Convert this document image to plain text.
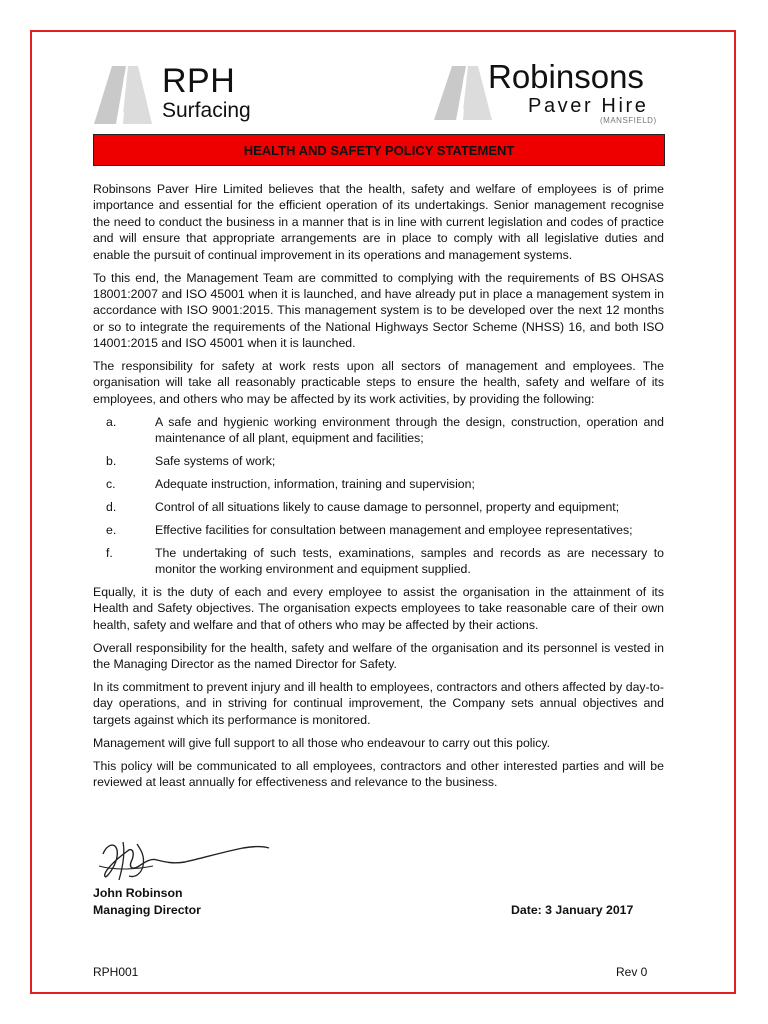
RPH
Surfacing
Robinsons
Paver Hire
(MANSFIELD)
HEALTH AND SAFETY POLICY STATEMENT

Robinsons Paver Hire Limited believes that the health, safety and welfare of employees is of prime importance and essential for the efficient operation of its undertakings. Senior management recognise the need to conduct the business in a manner that is in line with current legislation and codes of practice and will ensure that appropriate arrangements are in place to comply with all legislative duties and enable the pursuit of continual improvement in its operations and management systems.

To this end, the Management Team are committed to complying with the requirements of BS OHSAS 18001:2007 and ISO 45001 when it is launched, and have already put in place a management system in accordance with ISO 9001:2015. This management system is to be developed over the next 12 months or so to integrate the requirements of the National Highways Sector Scheme (NHSS) 16, and both ISO 14001:2015 and ISO 45001 when it is launched.

The responsibility for safety at work rests upon all sectors of management and employees. The organisation will take all reasonably practicable steps to ensure the health, safety and welfare of its employees, and others who may be affected by its work activities, by providing the following:

a.	A safe and hygienic working environment through the design, construction, operation and maintenance of all plant, equipment and facilities;
b.	Safe systems of work;
c.	Adequate instruction, information, training and supervision;
d.	Control of all situations likely to cause damage to personnel, property and equipment;
e.	Effective facilities for consultation between management and employee representatives;
f.	The undertaking of such tests, examinations, samples and records as are necessary to monitor the working environment and equipment supplied.

Equally, it is the duty of each and every employee to assist the organisation in the attainment of its Health and Safety objectives. The organisation expects employees to take reasonable care of their own health, safety and welfare and that of others who may be affected by their actions.

Overall responsibility for the health, safety and welfare of the organisation and its personnel is vested in the Managing Director as the named Director for Safety.

In its commitment to prevent injury and ill health to employees, contractors and others affected by day-to-day operations, and in striving for continual improvement, the Company sets annual objectives and targets against which its performance is monitored.

Management will give full support to all those who endeavour to carry out this policy.

This policy will be communicated to all employees, contractors and other interested parties and will be reviewed at least annually for effectiveness and relevance to the business.

John Robinson
Managing Director	Date: 3 January 2017
RPH001	Rev 0
